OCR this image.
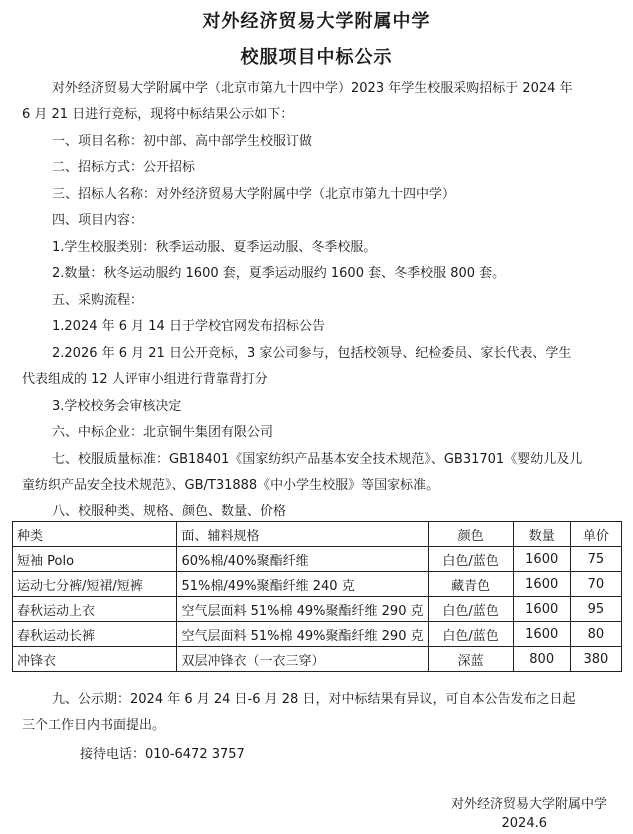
对外经济贸易大学附属中学
校服项目中标公示
对外经济贸易大学附属中学（北京市第九十四中学）2023 年学生校服采购招标于 2024 年
6 月 21 日进行竞标，现将中标结果公示如下：
一、项目名称：初中部、高中部学生校服订做
二、招标方式：公开招标
三、招标人名称：对外经济贸易大学附属中学（北京市第九十四中学）
四、项目内容：
1.学生校服类别：秋季运动服、夏季运动服、冬季校服。
2.数量：秋冬运动服约 1600 套，夏季运动服约 1600 套、冬季校服 800 套。
五、采购流程：
1.2024 年 6 月 14 日于学校官网发布招标公告
2.2026 年 6 月 21 日公开竞标，3 家公司参与，包括校领导、纪检委员、家长代表、学生
代表组成的 12 人评审小组进行背靠背打分
3.学校校务会审核决定
六、中标企业：北京铜牛集团有限公司
七、校服质量标准：GB18401《国家纺织产品基本安全技术规范》、GB31701《婴幼儿及儿
童纺织产品安全技术规范》、GB/T31888《中小学生校服》等国家标准。
八、校服种类、规格、颜色、数量、价格
种类	面、辅料规格	颜色	数量	单价
短袖 Polo	60%棉/40%聚酯纤维	白色/蓝色	1600	75
运动七分裤/短裙/短裤	51%棉/49%聚酯纤维 240 克	藏青色	1600	70
春秋运动上衣	空气层面料 51%棉 49%聚酯纤维 290 克	白色/蓝色	1600	95
春秋运动长裤	空气层面料 51%棉 49%聚酯纤维 290 克	白色/蓝色	1600	80
冲锋衣	双层冲锋衣（一衣三穿）	深蓝	800	380
九、公示期：2024 年 6 月 24 日-6 月 28 日，对中标结果有异议，可自本公告发布之日起
三个工作日内书面提出。
接待电话：010-6472 3757
对外经济贸易大学附属中学
2024.6
